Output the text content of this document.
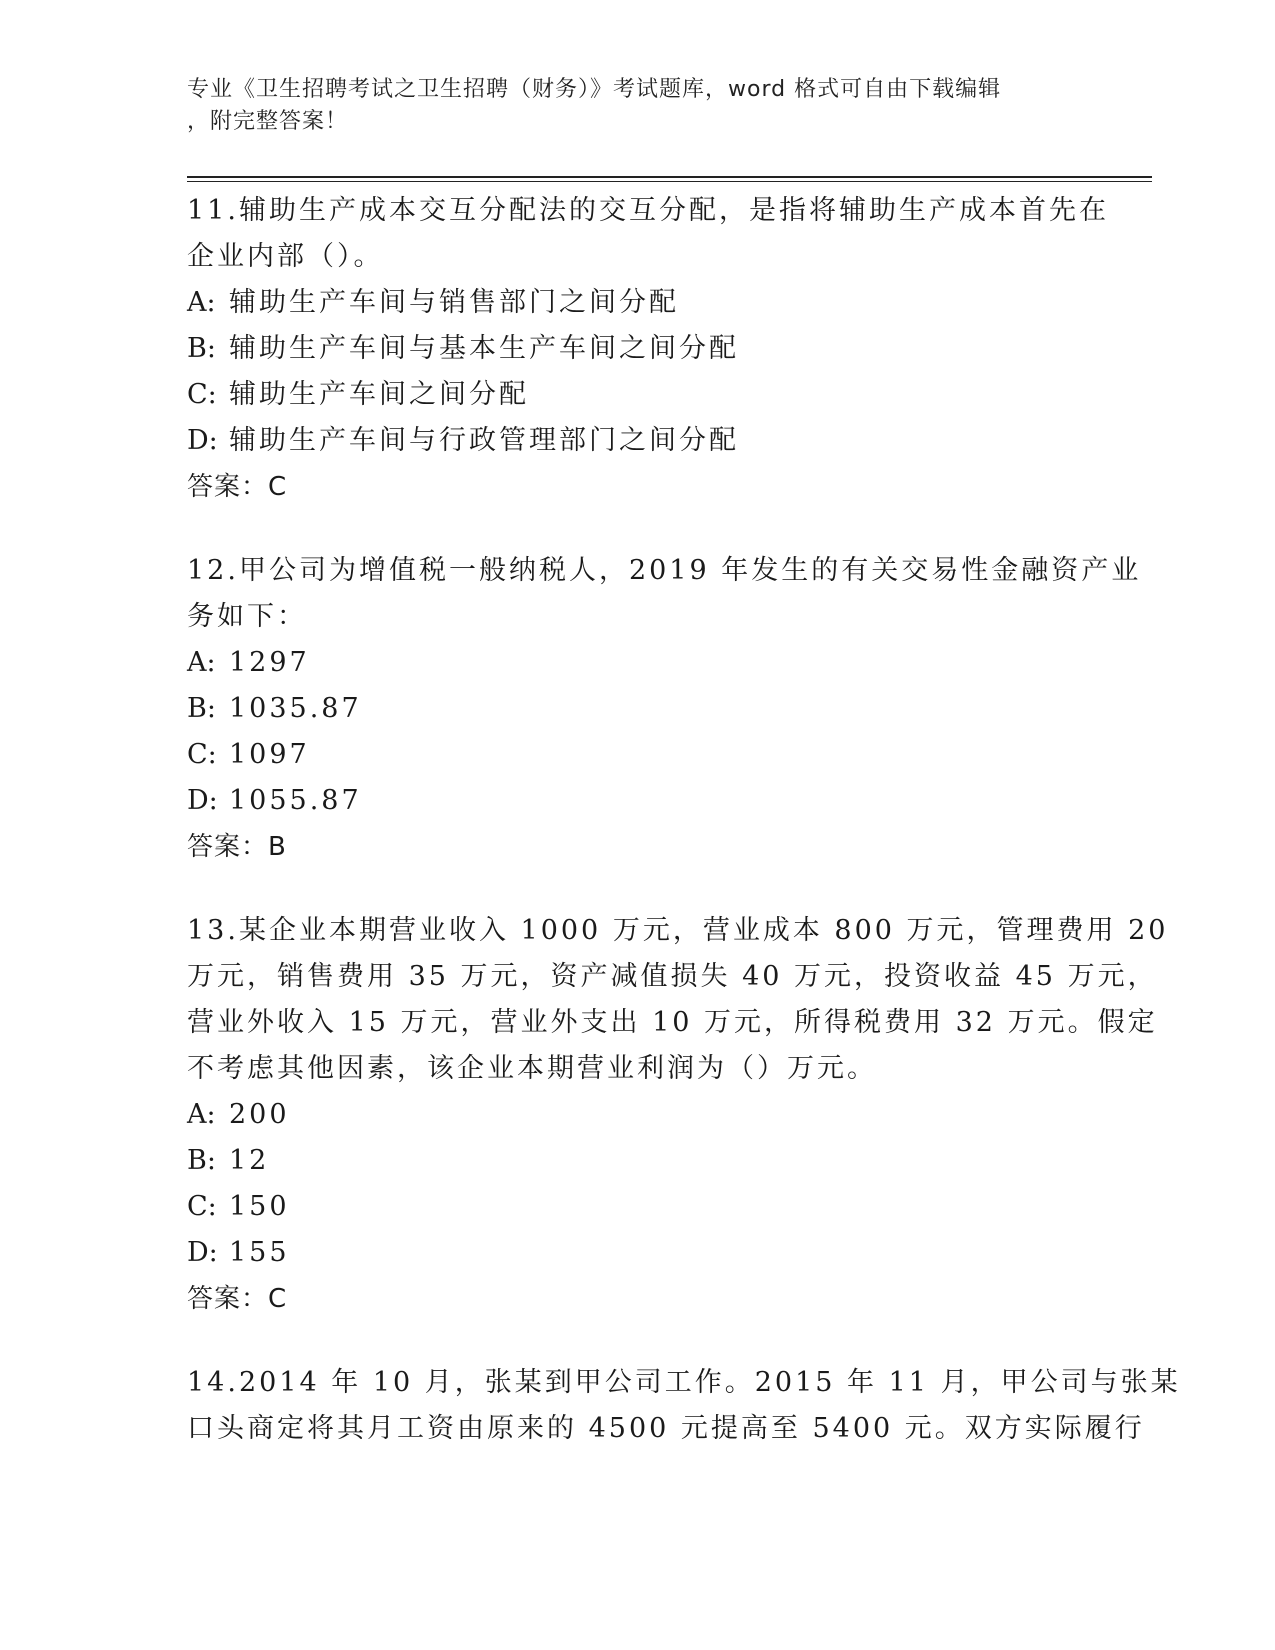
专业《卫生招聘考试之卫生招聘（财务）》考试题库，word 格式可自由下载编辑
，附完整答案！
11.辅助生产成本交互分配法的交互分配，是指将辅助生产成本首先在
企业内部（）。
A: 辅助生产车间与销售部门之间分配
B: 辅助生产车间与基本生产车间之间分配
C: 辅助生产车间之间分配
D: 辅助生产车间与行政管理部门之间分配
答案：C
12.甲公司为增值税一般纳税人，2019 年发生的有关交易性金融资产业
务如下：
A: 1297
B: 1035.87
C: 1097
D: 1055.87
答案：B
13.某企业本期营业收入 1000 万元，营业成本 800 万元，管理费用 20
万元，销售费用 35 万元，资产减值损失 40 万元，投资收益 45 万元，
营业外收入 15 万元，营业外支出 10 万元，所得税费用 32 万元。假定
不考虑其他因素，该企业本期营业利润为（）万元。
A: 200
B: 12
C: 150
D: 155
答案：C
14.2014 年 10 月，张某到甲公司工作。2015 年 11 月，甲公司与张某
口头商定将其月工资由原来的 4500 元提高至 5400 元。双方实际履行
